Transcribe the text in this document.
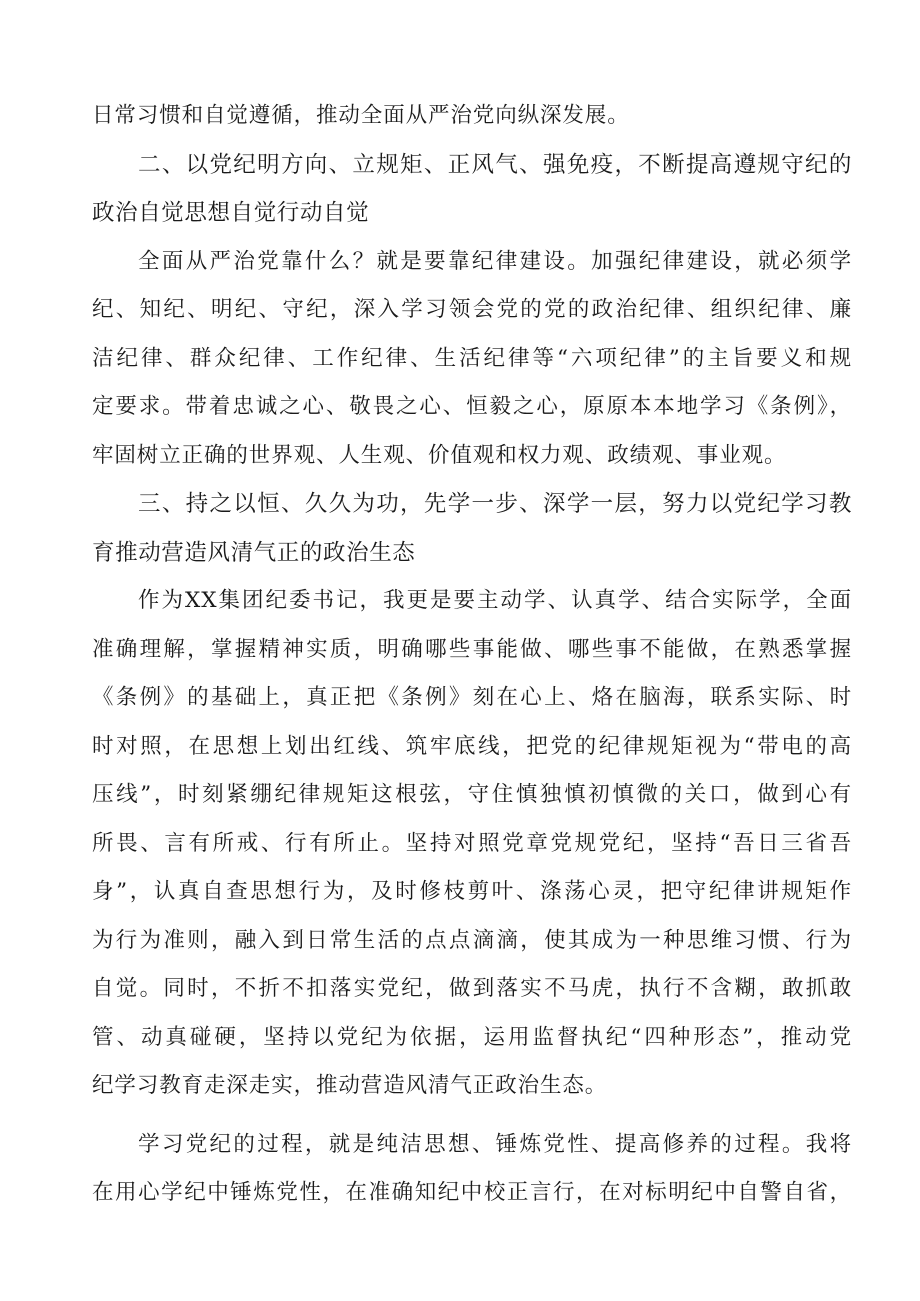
日常习惯和自觉遵循，推动全面从严治党向纵深发展。
二、以党纪明方向、立规矩、正风气、强免疫，不断提高遵规守纪的
政治自觉思想自觉行动自觉
全面从严治党靠什么？就是要靠纪律建设。加强纪律建设，就必须学
纪、知纪、明纪、守纪，深入学习领会党的党的政治纪律、组织纪律、廉
洁纪律、群众纪律、工作纪律、生活纪律等“六项纪律”的主旨要义和规
定要求。带着忠诚之心、敬畏之心、恒毅之心，原原本本地学习《条例》，
牢固树立正确的世界观、人生观、价值观和权力观、政绩观、事业观。
三、持之以恒、久久为功，先学一步、深学一层，努力以党纪学习教
育推动营造风清气正的政治生态
作为XX集团纪委书记，我更是要主动学、认真学、结合实际学，全面
准确理解，掌握精神实质，明确哪些事能做、哪些事不能做，在熟悉掌握
《条例》的基础上，真正把《条例》刻在心上、烙在脑海，联系实际、时
时对照，在思想上划出红线、筑牢底线，把党的纪律规矩视为“带电的高
压线”，时刻紧绷纪律规矩这根弦，守住慎独慎初慎微的关口，做到心有
所畏、言有所戒、行有所止。坚持对照党章党规党纪，坚持“吾日三省吾
身”，认真自查思想行为，及时修枝剪叶、涤荡心灵，把守纪律讲规矩作
为行为准则，融入到日常生活的点点滴滴，使其成为一种思维习惯、行为
自觉。同时，不折不扣落实党纪，做到落实不马虎，执行不含糊，敢抓敢
管、动真碰硬，坚持以党纪为依据，运用监督执纪“四种形态”，推动党
纪学习教育走深走实，推动营造风清气正政治生态。
学习党纪的过程，就是纯洁思想、锤炼党性、提高修养的过程。我将
在用心学纪中锤炼党性，在准确知纪中校正言行，在对标明纪中自警自省，
